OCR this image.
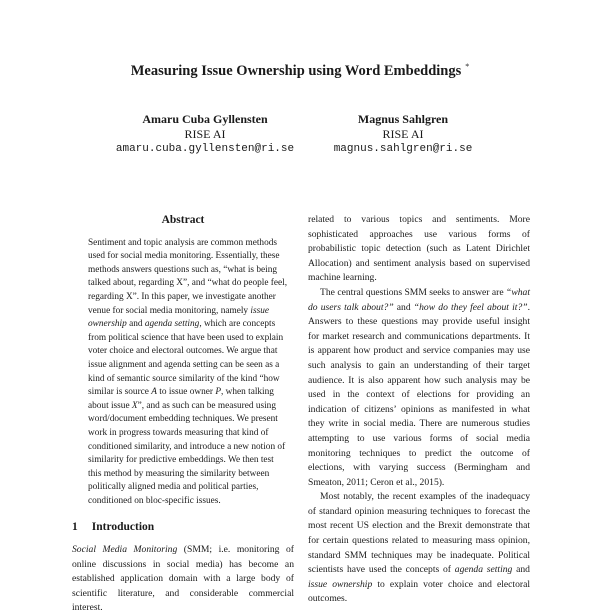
Measuring Issue Ownership using Word Embeddings *
Amaru Cuba Gyllensten
RISE AI
amaru.cuba.gyllensten@ri.se
Magnus Sahlgren
RISE AI
magnus.sahlgren@ri.se
Abstract
Sentiment and topic analysis are common methods used for social media monitoring. Essentially, these methods answers questions such as, “what is being talked about, regarding X”, and “what do people feel, regarding X”. In this paper, we investigate another venue for social media monitoring, namely issue ownership and agenda setting, which are concepts from political science that have been used to explain voter choice and electoral outcomes. We argue that issue alignment and agenda setting can be seen as a kind of semantic source similarity of the kind “how similar is source A to issue owner P, when talking about issue X”, and as such can be measured using word/document embedding techniques. We present work in progress towards measuring that kind of conditioned similarity, and introduce a new notion of similarity for predictive embeddings. We then test this method by measuring the similarity between politically aligned media and political parties, conditioned on bloc-specific issues.
1 Introduction
Social Media Monitoring (SMM; i.e. monitoring of online discussions in social media) has become an established application domain with a large body of scientific literature, and considerable commercial interest.
related to various topics and sentiments. More sophisticated approaches use various forms of probabilistic topic detection (such as Latent Dirichlet Allocation) and sentiment analysis based on supervised machine learning.
The central questions SMM seeks to answer are “what do users talk about?” and “how do they feel about it?”. Answers to these questions may provide useful insight for market research and communications departments. It is apparent how product and service companies may use such analysis to gain an understanding of their target audience. It is also apparent how such analysis may be used in the context of elections for providing an indication of citizens’ opinions as manifested in what they write in social media. There are numerous studies attempting to use various forms of social media monitoring techniques to predict the outcome of elections, with varying success (Bermingham and Smeaton, 2011; Ceron et al., 2015).
Most notably, the recent examples of the inadequacy of standard opinion measuring techniques to forecast the most recent US election and the Brexit demonstrate that for certain questions related to measuring mass opinion, standard SMM techniques may be inadequate. Political scientists have used the concepts of agenda setting and issue ownership to explain voter choice and electoral outcomes.
